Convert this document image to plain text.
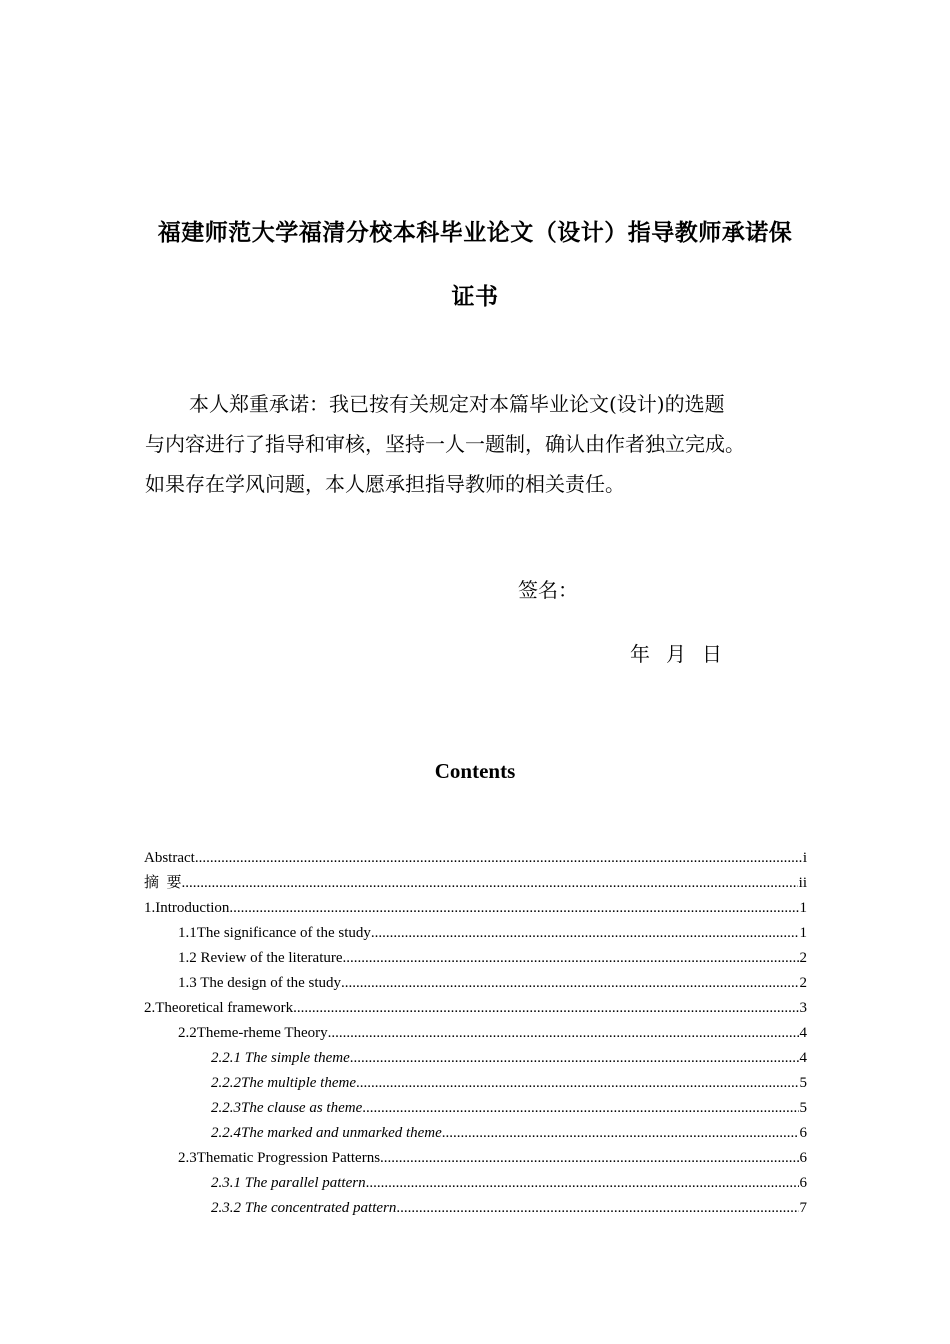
福建师范大学福清分校本科毕业论文（设计）指导教师承诺保
证书
本人郑重承诺：我已按有关规定对本篇毕业论文(设计)的选题
与内容进行了指导和审核，坚持一人一题制，确认由作者独立完成。
如果存在学风问题，本人愿承担指导教师的相关责任。
签名：
年 月 日
Contents
Abstract .....	i
摘  要 .....	ii
1.Introduction .....	1
1.1The significance of the study .....	1
1.2 Review of the literature .....	2
1.3 The design of the study .....	2
2.Theoretical framework .....	3
2.2Theme-rheme Theory .....	4
2.2.1 The simple theme .....	4
2.2.2The multiple theme .....	5
2.2.3The clause as theme .....	5
2.2.4The marked and unmarked theme .....	6
2.3Thematic Progression Patterns .....	6
2.3.1 The parallel pattern .....	6
2.3.2 The concentrated pattern .....	7
